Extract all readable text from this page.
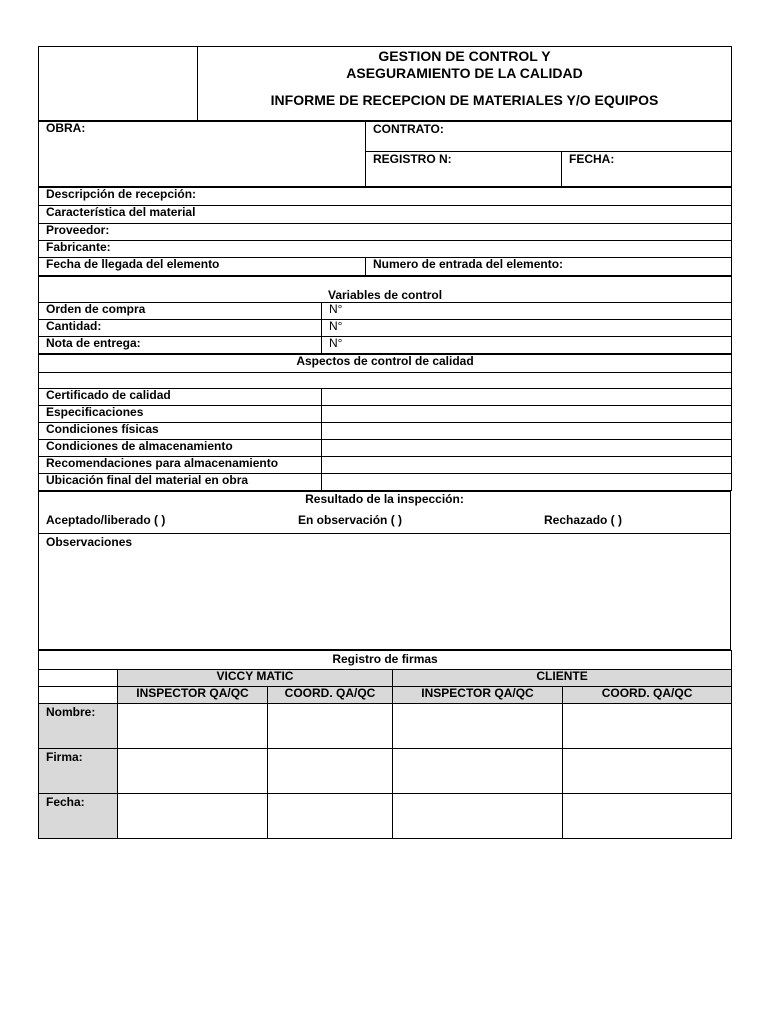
GESTION DE CONTROL Y
ASEGURAMIENTO DE LA CALIDAD
INFORME DE RECEPCION DE MATERIALES Y/O EQUIPOS
OBRA:	CONTRATO:	
	REGISTRO N:	FECHA:
Descripción de recepción:
Característica del material
Proveedor:
Fabricante:
Fecha de llegada del elemento	Numero de entrada del elemento:
Variables de control	
Orden de compra	N°
Cantidad:	N°
Nota de entrega:	N°
Aspectos de control de calidad	

Certificado de calidad	
Especificaciones	
Condiciones físicas	
Condiciones de almacenamiento	
Recomendaciones para almacenamiento	
Ubicación final del material en obra	
Resultado de la inspección:
Aceptado/liberado ( )	En observación ( )	Rechazado ( )

Observaciones
Registro de firmas				
	VICCY MATIC		CLIENTE	
	INSPECTOR QA/QC	COORD. QA/QC	INSPECTOR QA/QC	COORD. QA/QC
Nombre:				
Firma:				
Fecha:				
